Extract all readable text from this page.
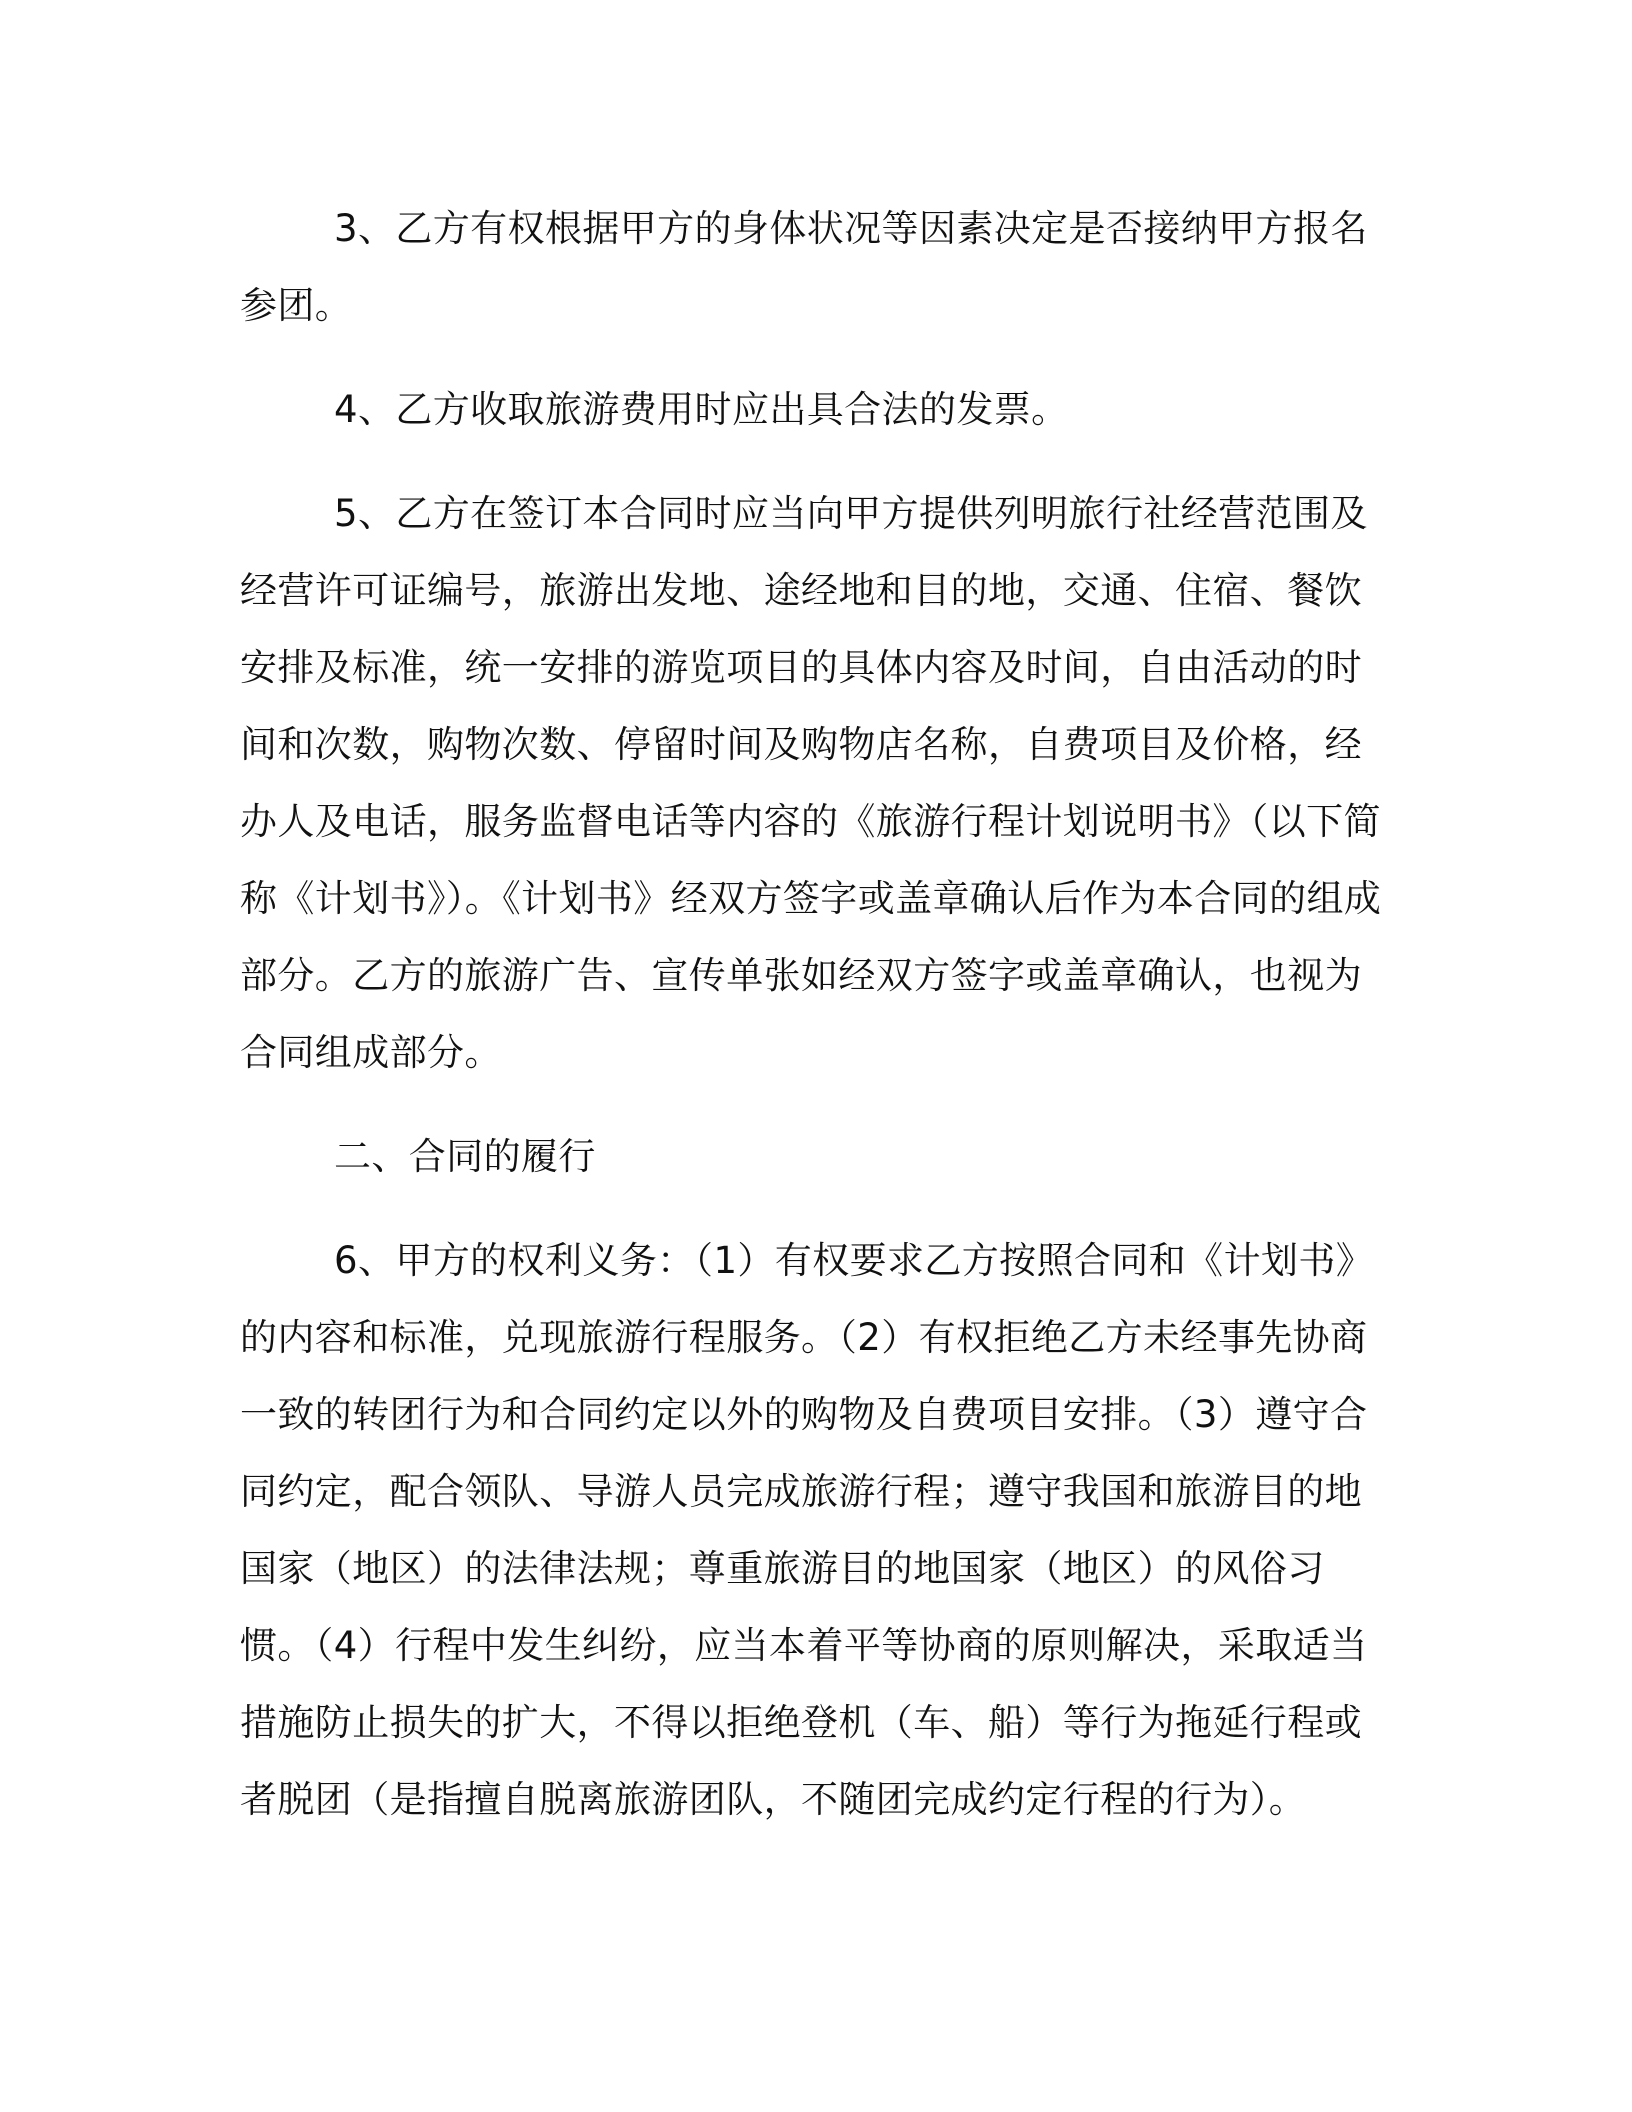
3、乙方有权根据甲方的身体状况等因素决定是否接纳甲方报名参团。

4、乙方收取旅游费用时应出具合法的发票。

5、乙方在签订本合同时应当向甲方提供列明旅行社经营范围及经营许可证编号，旅游出发地、途经地和目的地，交通、住宿、餐饮安排及标准，统一安排的游览项目的具体内容及时间，自由活动的时间和次数，购物次数、停留时间及购物店名称，自费项目及价格，经办人及电话，服务监督电话等内容的《旅游行程计划说明书》（以下简称《计划书》）。《计划书》经双方签字或盖章确认后作为本合同的组成部分。乙方的旅游广告、宣传单张如经双方签字或盖章确认，也视为合同组成部分。

二、合同的履行

6、甲方的权利义务：（1）有权要求乙方按照合同和《计划书》的内容和标准，兑现旅游行程服务。（2）有权拒绝乙方未经事先协商一致的转团行为和合同约定以外的购物及自费项目安排。（3）遵守合同约定，配合领队、导游人员完成旅游行程；遵守我国和旅游目的地国家（地区）的法律法规；尊重旅游目的地国家（地区）的风俗习惯。（4）行程中发生纠纷，应当本着平等协商的原则解决，采取适当措施防止损失的扩大，不得以拒绝登机（车、船）等行为拖延行程或者脱团（是指擅自脱离旅游团队，不随团完成约定行程的行为）。
